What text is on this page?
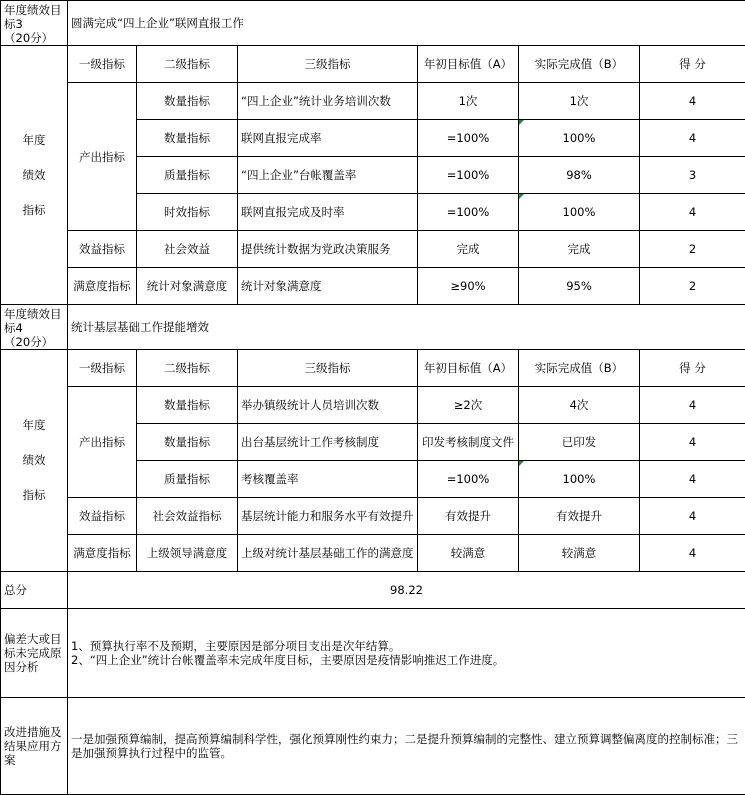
年度绩效目标3
（20分）	圆满完成“四上企业”联网直报工作					
年度
绩效
指标	一级指标	二级指标	三级指标	年初目标值（A）	实际完成值（B）	得 分
	产出指标	数量指标	“四上企业”统计业务培训次数	1次	1次	4
		数量指标	联网直报完成率	=100%	100%	4
		质量指标	“四上企业”台帐覆盖率	=100%	98%	3
		时效指标	联网直报完成及时率	=100%	100%	4
	效益指标	社会效益	提供统计数据为党政决策服务	完成	完成	2
	满意度指标	统计对象满意度	统计对象满意度	≥90%	95%	2
年度绩效目标4
（20分）	统计基层基础工作提能增效					
年度
绩效
指标	一级指标	二级指标	三级指标	年初目标值（A）	实际完成值（B）	得 分
	产出指标	数量指标	举办镇级统计人员培训次数	≥2次	4次	4
		数量指标	出台基层统计工作考核制度	印发考核制度文件	已印发	4
		质量指标	考核覆盖率	=100%	100%	4
	效益指标	社会效益指标	基层统计能力和服务水平有效提升	有效提升	有效提升	4
	满意度指标	上级领导满意度	上级对统计基层基础工作的满意度	较满意	较满意	4
总分	98.22					
偏差大或目标未完成原因分析	1、预算执行率不及预期，主要原因是部分项目支出是次年结算。
2、“四上企业”统计台帐覆盖率未完成年度目标，主要原因是疫情影响推迟工作进度。					
改进措施及结果应用方案	一是加强预算编制，提高预算编制科学性，强化预算刚性约束力；二是提升预算编制的完整性、建立预算调整偏离度的控制标准；三是加强预算执行过程中的监管。					
